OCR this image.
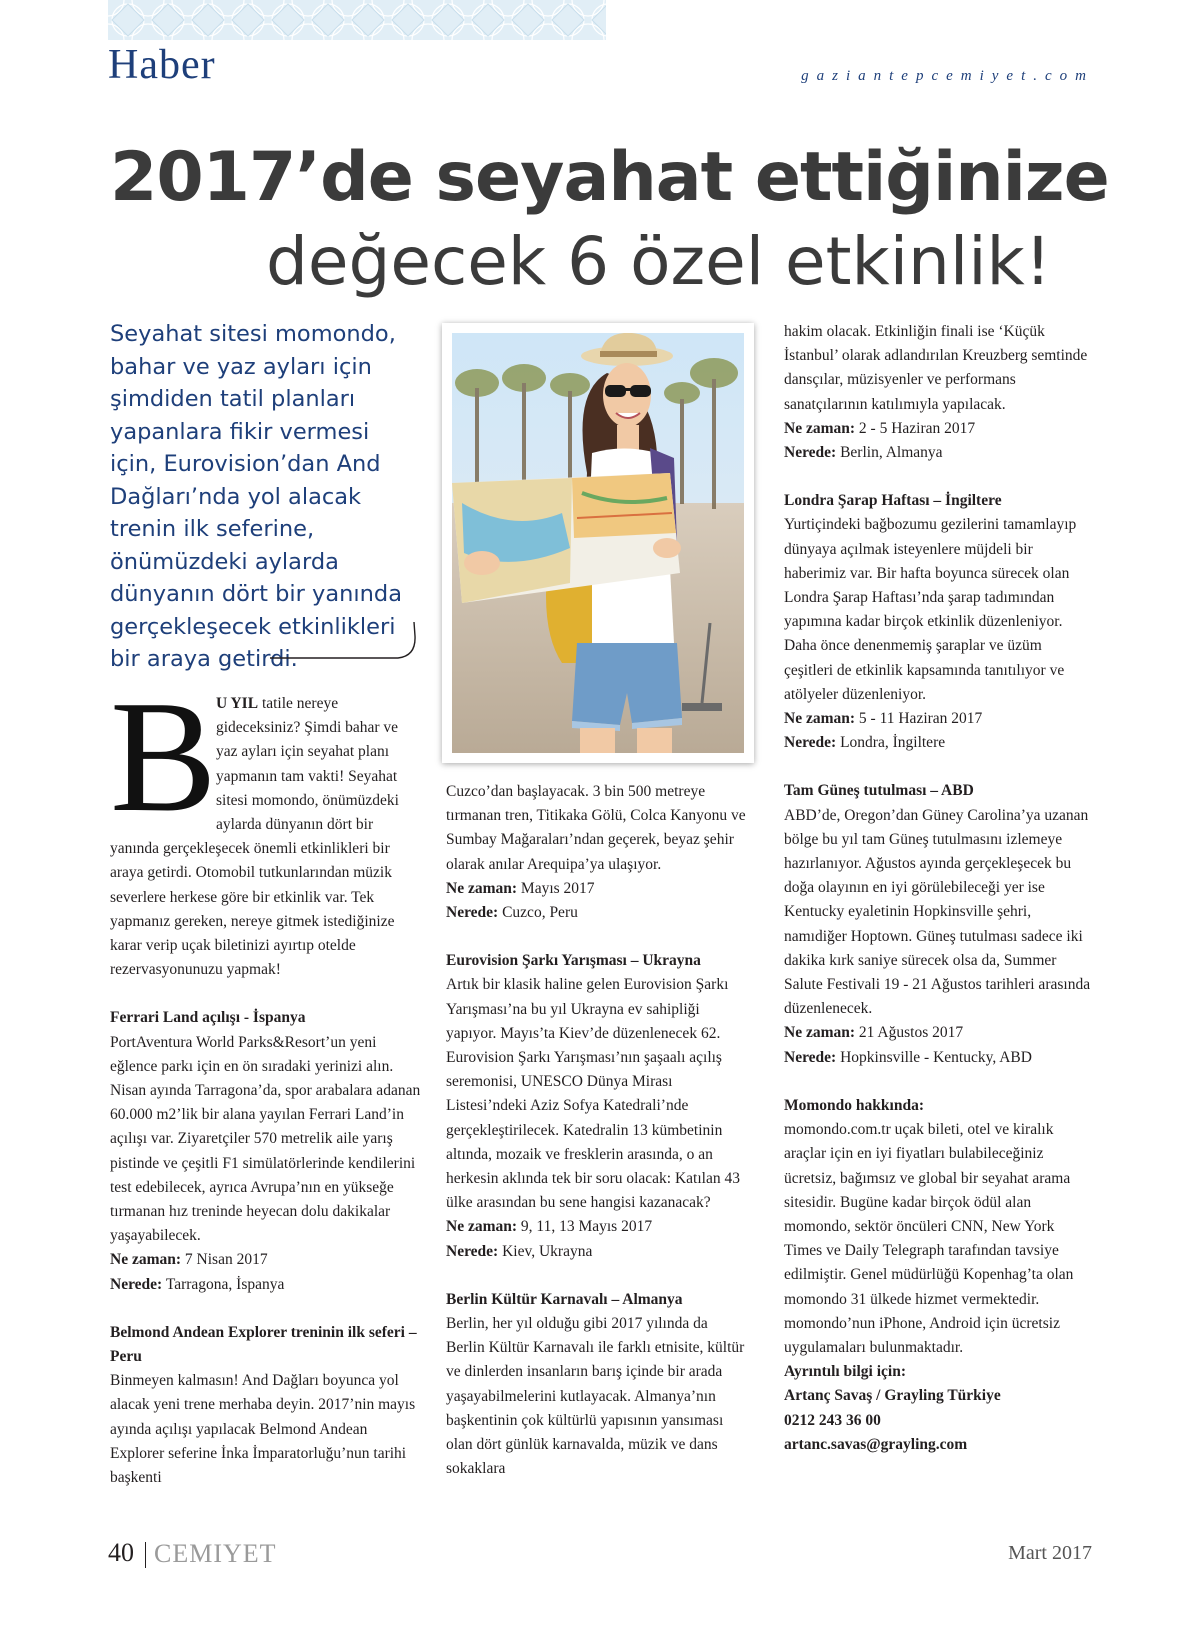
Haber	gaziantepcemiyet.com
2017’de seyahat ettiğinize
değecek 6 özel etkinlik!
Seyahat sitesi momondo, bahar ve yaz ayları için şimdiden tatil planları yapanlara fikir vermesi için, Eurovision’dan And Dağları’nda yol alacak trenin ilk seferine, önümüzdeki aylarda dünyanın dört bir yanında gerçekleşecek etkinlikleri bir araya getirdi.
B U YIL tatile nereye gideceksiniz? Şimdi bahar ve yaz ayları için seyahat planı yapmanın tam vakti! Seyahat sitesi momondo, önümüzdeki aylarda dünyanın dört bir yanında gerçekleşecek önemli etkinlikleri bir araya getirdi. Otomobil tutkunlarından müzik severlere herkese göre bir etkinlik var. Tek yapmanız gereken, nereye gitmek istediğinize karar verip uçak biletinizi ayırtıp otelde rezervasyonunuzu yapmak!

Ferrari Land açılışı - İspanya

PortAventura World Parks&Resort’un yeni eğlence parkı için en ön sıradaki yerinizi alın. Nisan ayında Tarragona’da, spor arabalara adanan 60.000 m2’lik bir alana yayılan Ferrari Land’in açılışı var. Ziyaretçiler 570 metrelik aile yarış pistinde ve çeşitli F1 simülatörlerinde kendilerini test edebilecek, ayrıca Avrupa’nın en yükseğe tırmanan hız treninde heyecan dolu dakikalar yaşayabilecek.

Ne zaman: 7 Nisan 2017

Nerede: Tarragona, İspanya

Belmond Andean Explorer treninin ilk seferi – Peru

Binmeyen kalmasın! And Dağları boyunca yol alacak yeni trene merhaba deyin. 2017’nin mayıs ayında açılışı yapılacak Belmond Andean Explorer seferine İnka İmparatorluğu’nun tarihi başkenti

Cuzco’dan başlayacak. 3 bin 500 metreye tırmanan tren, Titikaka Gölü, Colca Kanyonu ve Sumbay Mağaraları’ndan geçerek, beyaz şehir olarak anılar Arequipa’ya ulaşıyor.

Ne zaman: Mayıs 2017

Nerede: Cuzco, Peru

Eurovision Şarkı Yarışması – Ukrayna

Artık bir klasik haline gelen Eurovision Şarkı Yarışması’na bu yıl Ukrayna ev sahipliği yapıyor. Mayıs’ta Kiev’de düzenlenecek 62. Eurovision Şarkı Yarışması’nın şaşaalı açılış seremonisi, UNESCO Dünya Mirası Listesi’ndeki Aziz Sofya Katedrali’nde gerçekleştirilecek. Katedralin 13 kümbetinin altında, mozaik ve fresklerin arasında, o an herkesin aklında tek bir soru olacak: Katılan 43 ülke arasından bu sene hangisi kazanacak?

Ne zaman: 9, 11, 13 Mayıs 2017

Nerede: Kiev, Ukrayna

Berlin Kültür Karnavalı – Almanya

Berlin, her yıl olduğu gibi 2017 yılında da Berlin Kültür Karnavalı ile farklı etnisite, kültür ve dinlerden insanların barış içinde bir arada yaşayabilmelerini kutlayacak. Almanya’nın başkentinin çok kültürlü yapısının yansıması olan dört günlük karnavalda, müzik ve dans sokaklara

hakim olacak. Etkinliğin finali ise ‘Küçük İstanbul’ olarak adlandırılan Kreuzberg semtinde dansçılar, müzisyenler ve performans sanatçılarının katılımıyla yapılacak.

Ne zaman: 2 - 5 Haziran 2017

Nerede: Berlin, Almanya

Londra Şarap Haftası – İngiltere

Yurtiçindeki bağbozumu gezilerini tamamlayıp dünyaya açılmak isteyenlere müjdeli bir haberimiz var. Bir hafta boyunca sürecek olan Londra Şarap Haftası’nda şarap tadımından yapımına kadar birçok etkinlik düzenleniyor. Daha önce denenmemiş şaraplar ve üzüm çeşitleri de etkinlik kapsamında tanıtılıyor ve atölyeler düzenleniyor.

Ne zaman: 5 - 11 Haziran 2017

Nerede: Londra, İngiltere

Tam Güneş tutulması – ABD

ABD’de, Oregon’dan Güney Carolina’ya uzanan bölge bu yıl tam Güneş tutulmasını izlemeye hazırlanıyor. Ağustos ayında gerçekleşecek bu doğa olayının en iyi görülebileceği yer ise Kentucky eyaletinin Hopkinsville şehri, namıdiğer Hoptown. Güneş tutulması sadece iki dakika kırk saniye sürecek olsa da, Summer Salute Festivali 19 - 21 Ağustos tarihleri arasında düzenlenecek.

Ne zaman: 21 Ağustos 2017

Nerede: Hopkinsville - Kentucky, ABD

Momondo hakkında:

momondo.com.tr uçak bileti, otel ve kiralık araçlar için en iyi fiyatları bulabileceğiniz ücretsiz, bağımsız ve global bir seyahat arama sitesidir. Bugüne kadar birçok ödül alan momondo, sektör öncüleri CNN, New York Times ve Daily Telegraph tarafından tavsiye edilmiştir. Genel müdürlüğü Kopenhag’ta olan momondo 31 ülkede hizmet vermektedir. momondo’nun iPhone, Android için ücretsiz uygulamaları bulunmaktadır.

Ayrıntılı bilgi için:

Artanç Savaş / Grayling Türkiye

0212 243 36 00

artanc.savas@grayling.com

40 CEMIYET	Mart 2017
